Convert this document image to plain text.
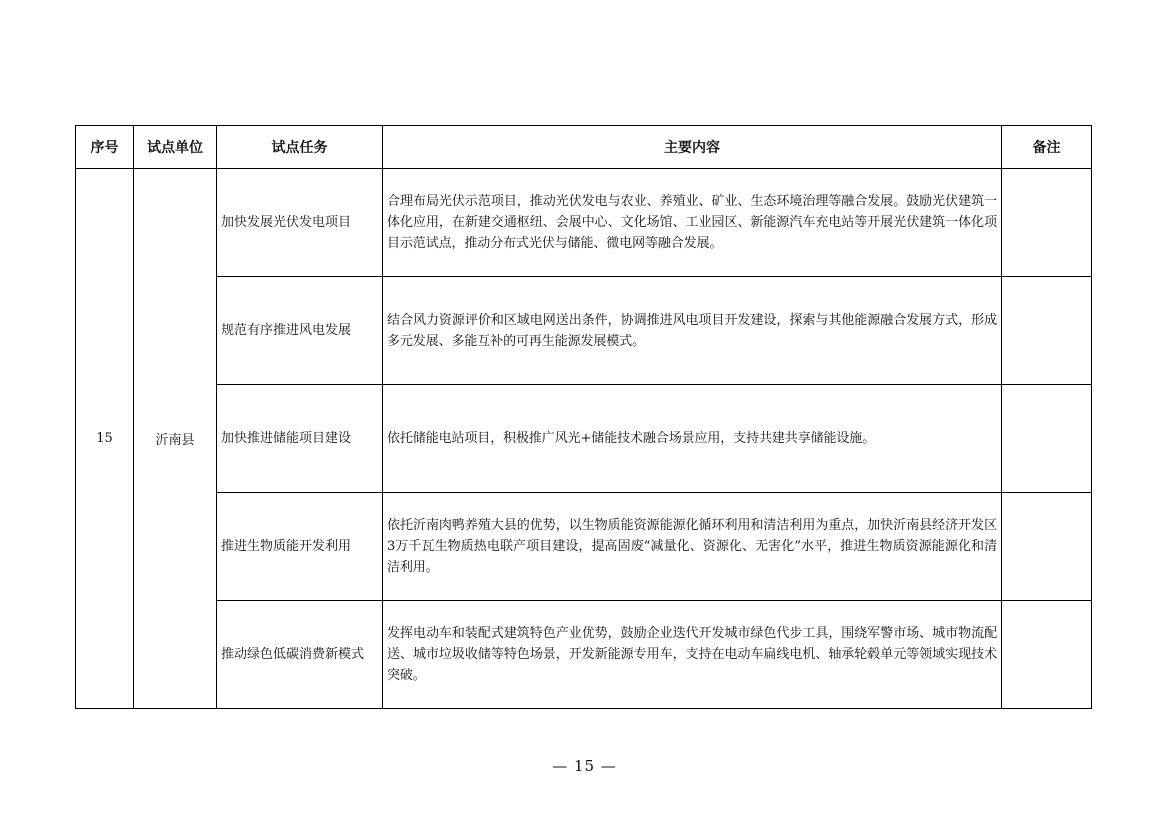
序号	试点单位	试点任务	主要内容	备注
15	沂南县	加快发展光伏发电项目	合理布局光伏示范项目，推动光伏发电与农业、养殖业、矿业、生态环境治理等融合发展。鼓励光伏建筑一体化应用，在新建交通枢纽、会展中心、文化场馆、工业园区、新能源汽车充电站等开展光伏建筑一体化项目示范试点，推动分布式光伏与储能、微电网等融合发展。	
		规范有序推进风电发展	结合风力资源评价和区域电网送出条件，协调推进风电项目开发建设，探索与其他能源融合发展方式，形成多元发展、多能互补的可再生能源发展模式。	
		加快推进储能项目建设	依托储能电站项目，积极推广风光+储能技术融合场景应用，支持共建共享储能设施。	
		推进生物质能开发利用	依托沂南肉鸭养殖大县的优势，以生物质能资源能源化循环利用和清洁利用为重点，加快沂南县经济开发区3万千瓦生物质热电联产项目建设，提高固废“减量化、资源化、无害化”水平，推进生物质资源能源化和清洁利用。	
		推动绿色低碳消费新模式	发挥电动车和装配式建筑特色产业优势，鼓励企业迭代开发城市绿色代步工具，围绕军警市场、城市物流配送、城市垃圾收储等特色场景，开发新能源专用车，支持在电动车扁线电机、轴承轮毂单元等领域实现技术突破。	
— 15 —
